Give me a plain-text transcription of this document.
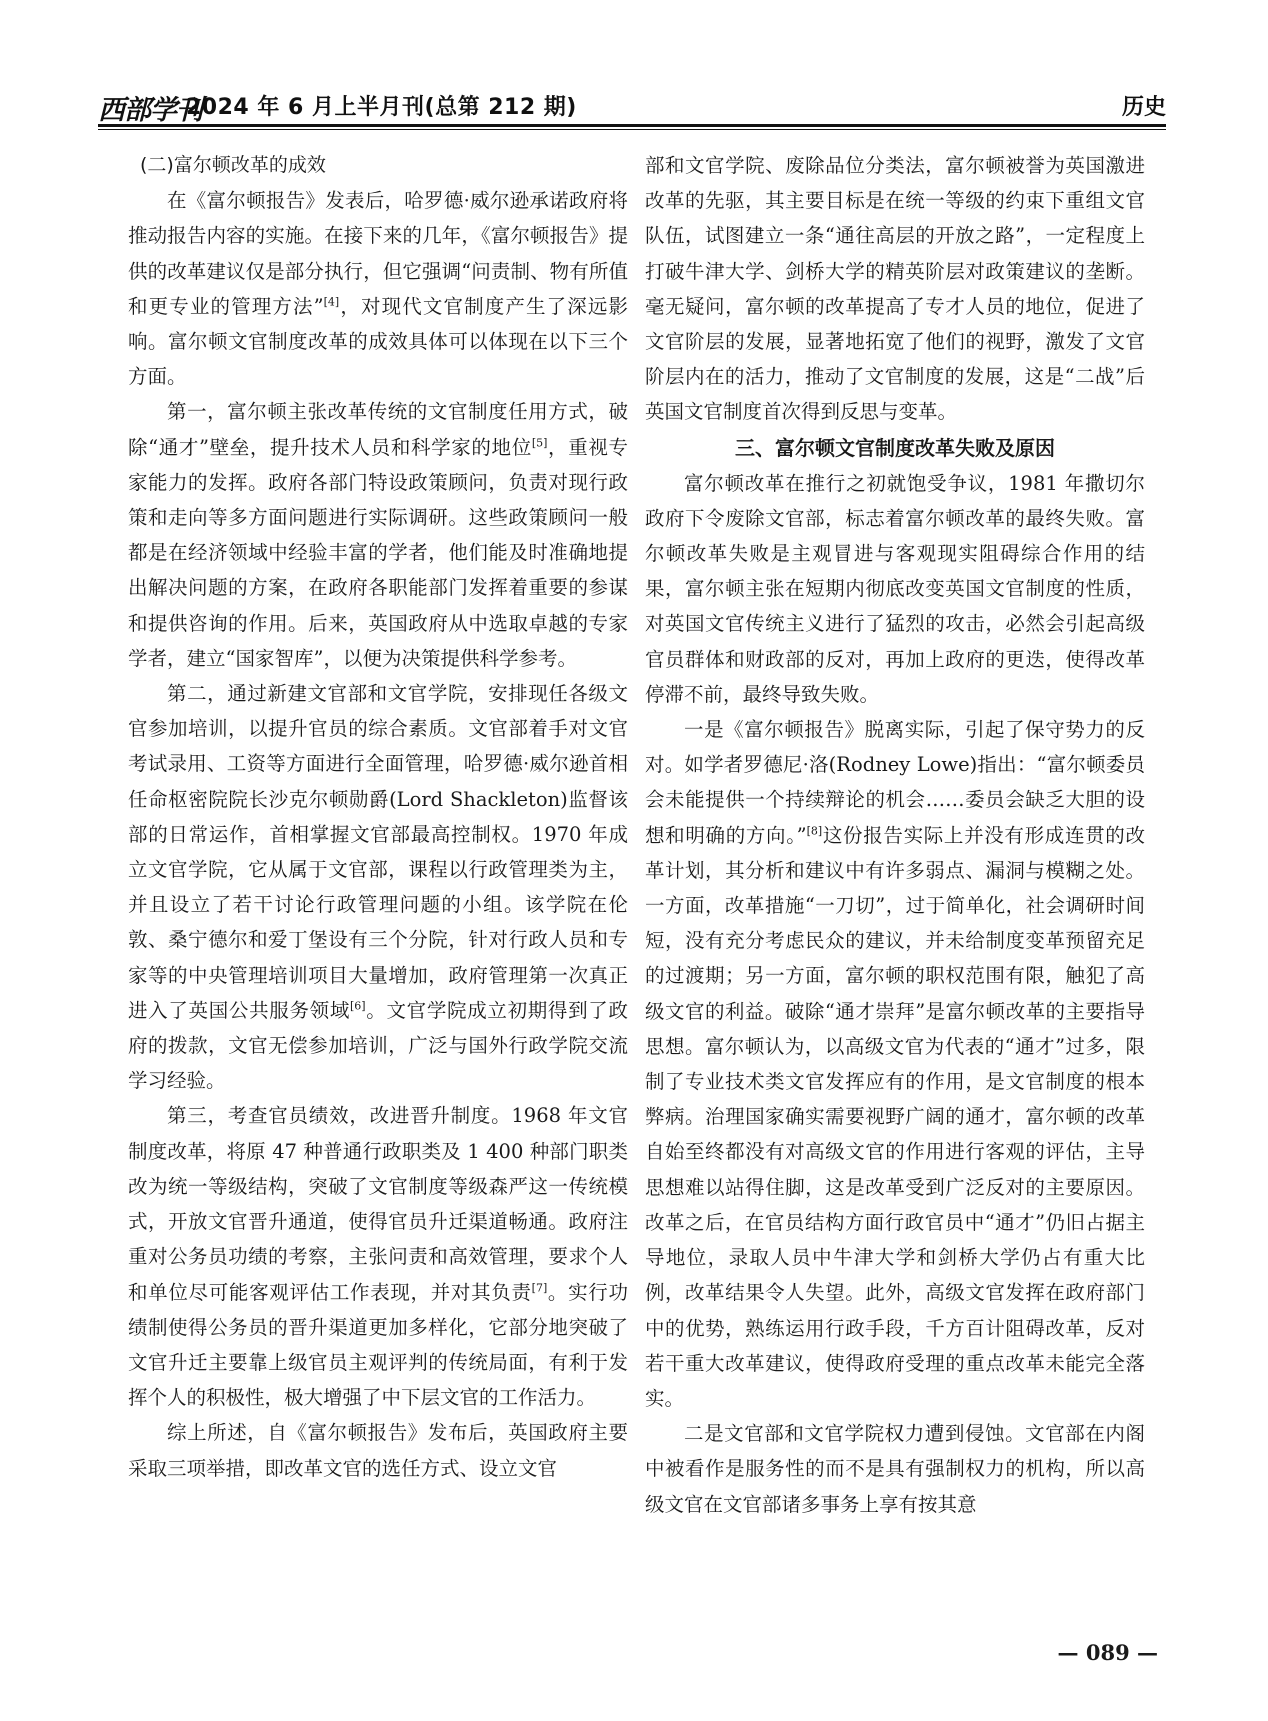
西部学刊
2024 年 6 月上半月刊(总第 212 期)	历史
(二)富尔顿改革的成效

在《富尔顿报告》发表后，哈罗德·威尔逊承诺政府将推动报告内容的实施。在接下来的几年，《富尔顿报告》提供的改革建议仅是部分执行，但它强调“问责制、物有所值和更专业的管理方法”[4]，对现代文官制度产生了深远影响。富尔顿文官制度改革的成效具体可以体现在以下三个方面。

第一，富尔顿主张改革传统的文官制度任用方式，破除“通才”壁垒，提升技术人员和科学家的地位[5]，重视专家能力的发挥。政府各部门特设政策顾问，负责对现行政策和走向等多方面问题进行实际调研。这些政策顾问一般都是在经济领域中经验丰富的学者，他们能及时准确地提出解决问题的方案，在政府各职能部门发挥着重要的参谋和提供咨询的作用。后来，英国政府从中选取卓越的专家学者，建立“国家智库”，以便为决策提供科学参考。

第二，通过新建文官部和文官学院，安排现任各级文官参加培训，以提升官员的综合素质。文官部着手对文官考试录用、工资等方面进行全面管理，哈罗德·威尔逊首相任命枢密院院长沙克尔顿勋爵(Lord Shackleton)监督该部的日常运作，首相掌握文官部最高控制权。1970 年成立文官学院，它从属于文官部，课程以行政管理类为主，并且设立了若干讨论行政管理问题的小组。该学院在伦敦、桑宁德尔和爱丁堡设有三个分院，针对行政人员和专家等的中央管理培训项目大量增加，政府管理第一次真正进入了英国公共服务领域[6]。文官学院成立初期得到了政府的拨款，文官无偿参加培训，广泛与国外行政学院交流学习经验。

第三，考查官员绩效，改进晋升制度。1968 年文官制度改革，将原 47 种普通行政职类及 1 400 种部门职类改为统一等级结构，突破了文官制度等级森严这一传统模式，开放文官晋升通道，使得官员升迁渠道畅通。政府注重对公务员功绩的考察，主张问责和高效管理，要求个人和单位尽可能客观评估工作表现，并对其负责[7]。实行功绩制使得公务员的晋升渠道更加多样化，它部分地突破了文官升迁主要靠上级官员主观评判的传统局面，有利于发挥个人的积极性，极大增强了中下层文官的工作活力。

综上所述，自《富尔顿报告》发布后，英国政府主要采取三项举措，即改革文官的选任方式、设立文官

部和文官学院、废除品位分类法，富尔顿被誉为英国激进改革的先驱，其主要目标是在统一等级的约束下重组文官队伍，试图建立一条“通往高层的开放之路”，一定程度上打破牛津大学、剑桥大学的精英阶层对政策建议的垄断。毫无疑问，富尔顿的改革提高了专才人员的地位，促进了文官阶层的发展，显著地拓宽了他们的视野，激发了文官阶层内在的活力，推动了文官制度的发展，这是“二战”后英国文官制度首次得到反思与变革。

三、富尔顿文官制度改革失败及原因

富尔顿改革在推行之初就饱受争议，1981 年撒切尔政府下令废除文官部，标志着富尔顿改革的最终失败。富尔顿改革失败是主观冒进与客观现实阻碍综合作用的结果，富尔顿主张在短期内彻底改变英国文官制度的性质，对英国文官传统主义进行了猛烈的攻击，必然会引起高级官员群体和财政部的反对，再加上政府的更迭，使得改革停滞不前，最终导致失败。

一是《富尔顿报告》脱离实际，引起了保守势力的反对。如学者罗德尼·洛(Rodney Lowe)指出：“富尔顿委员会未能提供一个持续辩论的机会……委员会缺乏大胆的设想和明确的方向。”[8]这份报告实际上并没有形成连贯的改革计划，其分析和建议中有许多弱点、漏洞与模糊之处。一方面，改革措施“一刀切”，过于简单化，社会调研时间短，没有充分考虑民众的建议，并未给制度变革预留充足的过渡期；另一方面，富尔顿的职权范围有限，触犯了高级文官的利益。破除“通才崇拜”是富尔顿改革的主要指导思想。富尔顿认为，以高级文官为代表的“通才”过多，限制了专业技术类文官发挥应有的作用，是文官制度的根本弊病。治理国家确实需要视野广阔的通才，富尔顿的改革自始至终都没有对高级文官的作用进行客观的评估，主导思想难以站得住脚，这是改革受到广泛反对的主要原因。改革之后，在官员结构方面行政官员中“通才”仍旧占据主导地位，录取人员中牛津大学和剑桥大学仍占有重大比例，改革结果令人失望。此外，高级文官发挥在政府部门中的优势，熟练运用行政手段，千方百计阻碍改革，反对若干重大改革建议，使得政府受理的重点改革未能完全落实。

二是文官部和文官学院权力遭到侵蚀。文官部在内阁中被看作是服务性的而不是具有强制权力的机构，所以高级文官在文官部诸多事务上享有按其意

— 089 —
